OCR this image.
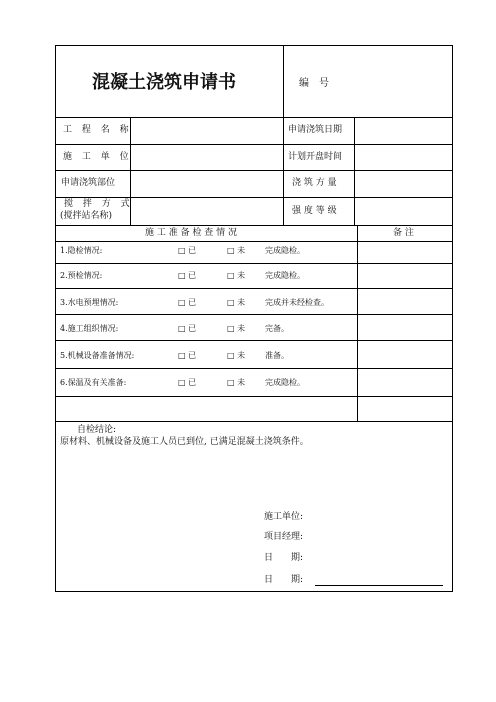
混凝土浇筑申请书	编　号
工 程 名 称	申请浇筑日期
施 工 单 位	计划开盘时间
申请浇筑部位	浇 筑 方 量
搅 拌 方 式
(搅拌站名称)	强 度 等 级
施 工 准 备 检 查 情 况	备 注
1.隐检情况:	□ 已	□ 未 完成隐检。
2.预检情况:	□ 已	□ 未 完成隐检。
3.水电预埋情况:	□ 已	□ 未 完成并未经检查。
4.施工组织情况:	□ 已	□ 未 完备。
5.机械设备准备情况:	□ 已	□ 未 准备。
6.保温及有关准备:	□ 已	□ 未 完成隐检。
自检结论:
原材料、机械设备及施工人员已到位, 已满足混凝土浇筑条件。
施工单位:
项目经理:
日　　期:
日　　期:
